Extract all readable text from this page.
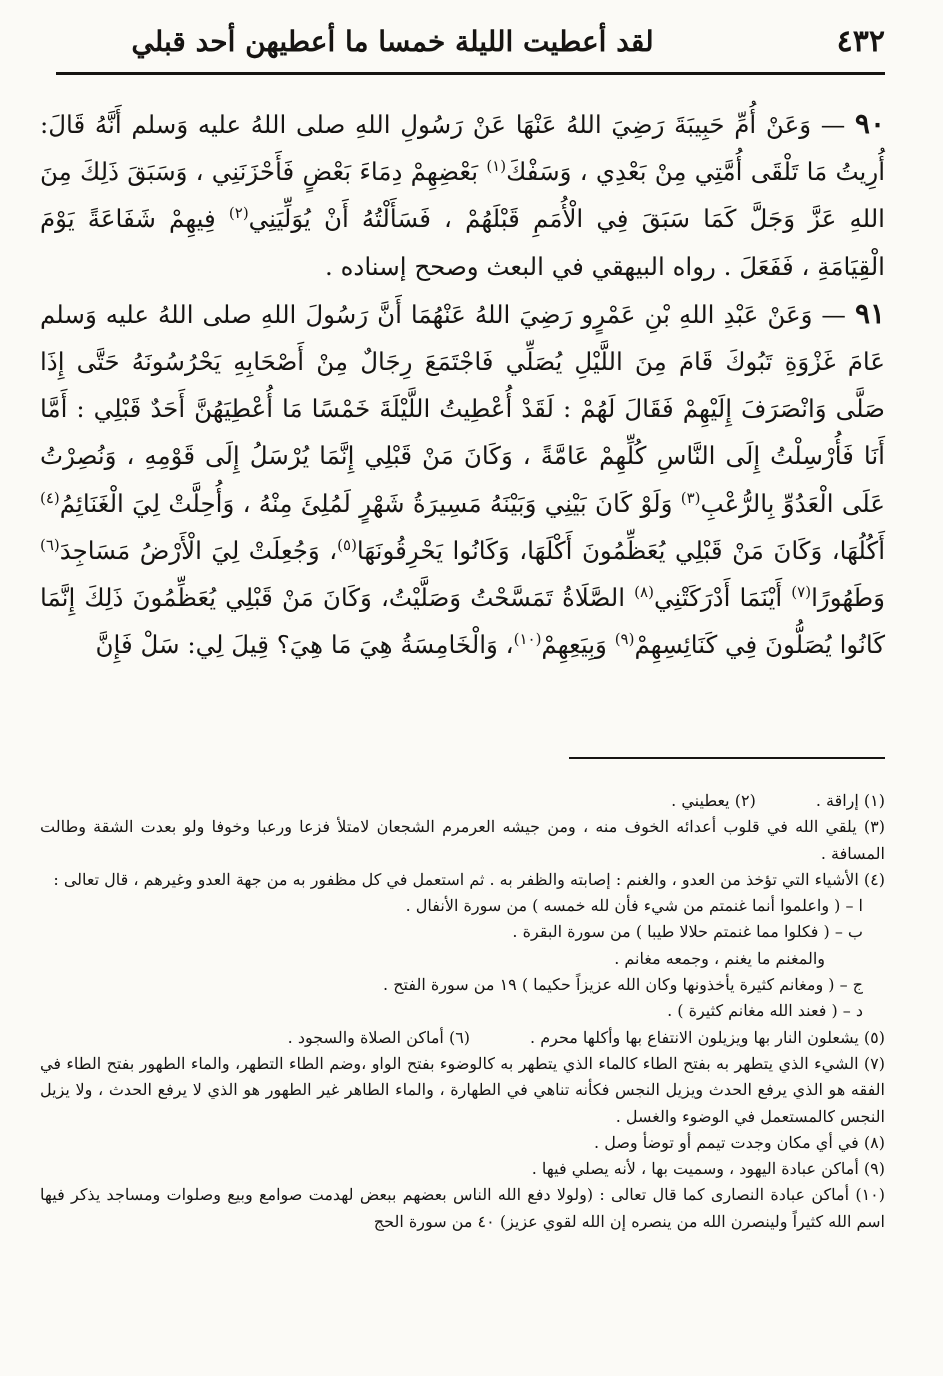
٤٣٢
لقد أعطيت الليلة خمسا ما أعطيهن أحد قبلي

٩٠ — وَعَنْ أُمِّ حَبِيبَةَ رَضِيَ اللهُ عَنْهَا عَنْ رَسُولِ اللهِ صلى اللهُ عليه وَسلم أَنَّهُ قَالَ: أُرِيتُ مَا تَلْقَى أُمَّتِي مِنْ بَعْدِي ، وَسَفْكَ$^{(١)}$ بَعْضِهِمْ دِمَاءَ بَعْضٍ فَأَحْزَنَنِي ، وَسَبَقَ ذَلِكَ مِنَ اللهِ عَزَّ وَجَلَّ كَمَا سَبَقَ فِي الْأُمَمِ قَبْلَهُمْ ، فَسَأَلْتُهُ أَنْ يُوَلِّيَنِي$^{(٢)}$ فِيهِمْ شَفَاعَةً يَوْمَ الْقِيَامَةِ ، فَفَعَلَ . رواه البيهقي في البعث وصحح إسناده .

٩١ — وَعَنْ عَبْدِ اللهِ بْنِ عَمْرٍو رَضِيَ اللهُ عَنْهُمَا أَنَّ رَسُولَ اللهِ صلى اللهُ عليه وَسلم عَامَ غَزْوَةِ تَبُوكَ قَامَ مِنَ اللَّيْلِ يُصَلِّي فَاجْتَمَعَ رِجَالٌ مِنْ أَصْحَابِهِ يَحْرُسُونَهُ حَتَّى إِذَا صَلَّى وَانْصَرَفَ إِلَيْهِمْ فَقَالَ لَهُمْ : لَقَدْ أُعْطِيتُ اللَّيْلَةَ خَمْسًا مَا أُعْطِيَهُنَّ أَحَدٌ قَبْلِي : أَمَّا أَنَا فَأُرْسِلْتُ إِلَى النَّاسِ كُلِّهِمْ عَامَّةً ، وَكَانَ مَنْ قَبْلِي إِنَّمَا يُرْسَلُ إِلَى قَوْمِهِ ، وَنُصِرْتُ عَلَى الْعَدُوِّ بِالرُّعْبِ$^{(٣)}$ وَلَوْ كَانَ بَيْنِي وَبَيْنَهُ مَسِيرَةُ شَهْرٍ لَمُلِئَ مِنْهُ ، وَأُحِلَّتْ لِيَ الْغَنَائِمُ$^{(٤)}$ أَكُلُهَا، وَكَانَ مَنْ قَبْلِي يُعَظِّمُونَ أَكْلَهَا، وَكَانُوا يَحْرِقُونَهَا$^{(٥)}$، وَجُعِلَتْ لِيَ الْأَرْضُ مَسَاجِدَ$^{(٦)}$ وَطَهُورًا$^{(٧)}$ أَيْنَمَا أَدْرَكَتْنِي$^{(٨)}$ الصَّلَاةُ تَمَسَّحْتُ وَصَلَّيْتُ، وَكَانَ مَنْ قَبْلِي يُعَظِّمُونَ ذَلِكَ إِنَّمَا كَانُوا يُصَلُّونَ فِي كَنَائِسِهِمْ$^{(٩)}$ وَبِيَعِهِمْ$^{(١٠)}$، وَالْخَامِسَةُ هِيَ مَا هِيَ؟ قِيلَ لِي: سَلْ فَإِنَّ

(١) إراقة .
(٢) يعطيني .

(٣) يلقي الله في قلوب أعدائه الخوف منه ، ومن جيشه العرمرم الشجعان لامتلأ فزعا ورعبا وخوفا ولو بعدت الشقة وطالت المسافة .

(٤) الأشياء التي تؤخذ من العدو ، والغنم : إصابته والظفر به . ثم استعمل في كل مظفور به من جهة العدو وغيرهم ، قال تعالى :

ا – ( واعلموا أنما غنمتم من شيء فأن لله خمسه ) من سورة الأنفال .

ب – ( فكلوا مما غنمتم حلالا طيبا ) من سورة البقرة .

والمغنم ما يغنم ، وجمعه مغانم .

ج – ( ومغانم كثيرة يأخذونها وكان الله عزيزاً حكيما ) ١٩ من سورة الفتح .

د – ( فعند الله مغانم كثيرة ) .

(٥) يشعلون النار بها ويزيلون الانتفاع بها وأكلها محرم .
(٦) أماكن الصلاة والسجود .

(٧) الشيء الذي يتطهر به بفتح الطاء كالماء الذي يتطهر به كالوضوء بفتح الواو ،وضم الطاء التطهر، والماء الطهور بفتح الطاء في الفقه هو الذي يرفع الحدث ويزيل النجس فكأنه تناهي في الطهارة ، والماء الطاهر غير الطهور هو الذي لا يرفع الحدث ، ولا يزيل النجس كالمستعمل في الوضوء والغسل .

(٨) في أي مكان وجدت تيمم أو توضأ وصل .

(٩) أماكن عبادة اليهود ، وسميت بها ، لأنه يصلي فيها .

(١٠) أماكن عبادة النصارى كما قال تعالى : (ولولا دفع الله الناس بعضهم ببعض لهدمت صوامع وبيع وصلوات ومساجد يذكر فيها اسم الله كثيراً ولينصرن الله من ينصره إن الله لقوي عزيز) ٤٠ من سورة الحج
